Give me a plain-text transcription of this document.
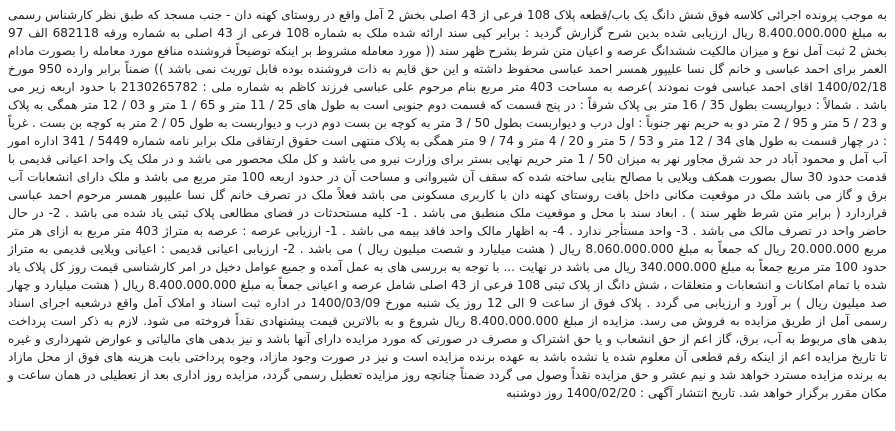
به موجب پرونده اجرائی کلاسه فوق شش دانگ یک باب/قطعه پلاک 108 فرعی از 43 اصلی بخش 2 آمل واقع در روستای کهنه دان - جنب مسجد که طبق نظر کارشناس رسمی به مبلغ 8.400.000.000 ریال ارزیابی شده بدین شرح گزارش گردید : برابر کپی سند ارائه شده ملک به شماره 108 فرعی از 43 اصلی به شماره ورقه 682118 الف 97 بخش 2 ثبت آمل نوع و میزان مالکیت ششدانگ عرصه و اعیان متن شرط بشرح ظهر سند (( مورد معامله مشروط بر اینکه توضیحاً فروشنده منافع مورد معامله را بصورت مادام العمر برای احمد عباسی و خانم گل نسا علیپور همسر احمد عباسی محفوظ داشته و این حق قایم به ذات فروشنده بوده قابل توریث نمی باشد )) ضمناً برابر وارده 950 مورخ 1400/02/18 اقای احمد عباسی فوت نمودند )عرصه به مساحت 403 متر مربع بنام مرحوم علی عباسی فرزند کاظم به شماره ملی : 2130265782 با حدود اربعه زیر می باشد . شمالاً : دیوارپست بطول 35 / 16 متر بی پلاک شرقاً : در پنج قسمت که قسمت دوم جنوبی است به طول های 25 / 11 متر و 65 / 1 متر و 03 / 12 متر همگی به پلاک و 23 / 5 متر و 95 / 2 متر دو به حریم نهر جنوباً : اول درب و دیواربست بطول 50 / 3 متر به کوچه بن بست دوم درب و دیواربست به طول 05 / 2 متر به کوچه بن بست . غرباً : در چهار قسمت به طول های 34 / 12 متر و 53 / 5 متر و 20 / 4 متر و 74 / 9 متر همگی به پلاک منتهی است حقوق ارتفاقی ملک برابر نامه شماره 5449 / 341 اداره امور آب آمل و محمود آباد در حد شرق مجاور نهر به میزان 50 / 1 متر حریم نهایی بستر برای وزارت نیرو می باشد و کل ملک محصور می باشد و در ملک یک واحد اعیانی قدیمی با قدمت حدود 30 سال بصورت همکف ویلایی با مصالح بنایی ساخته شده که سقف آن شیروانی و مساحت آن در حدود اربعه 100 متر مربع می باشد و ملک دارای انشعابات آب برق و گاز می باشد ملک در موقعیت مکانی داخل بافت روستای کهنه دان با کاربری مسکونی می باشد فعلاً ملک در تصرف خانم گل نسا علیپور همسر مرحوم احمد عباسی قراردارد ( برابر متن شرط ظهر سند ) . ابعاد سند با محل و موقعیت ملک منطبق می باشد . 1- کلیه مستحدثات در فضای مطالعی پلاک ثبتی یاد شده می باشد . 2- در حال حاضر واحد در تصرف مالک می باشد . 3- واحد مستأجر ندارد . 4- به اظهار مالک واحد فاقد بیمه می باشد . 1- ارزیابی عرصه : عرصه به متراژ 403 متر مربع به ازای هر متر مربع 20.000.000 ریال که جمعاً به مبلغ 8.060.000.000 ریال ( هشت میلیارد و شصت میلیون ریال ) می باشد . 2- ارزیابی اعیانی قدیمی : اعیانی ویلایی قدیمی به متراژ حدود 100 متر مربع جمعاً به مبلغ 340.000.000 ریال می باشد در نهایت ... با توجه به بررسی های به عمل آمده و جمیع عوامل دخیل در امر کارشناسی قیمت روز کل پلاک یاد شده با تمام امکانات و انشعابات و متعلقات ، شش دانگ از پلاک ثبتی 108 فرعی از 43 اصلی شامل عرصه و اعیانی جمعاً به مبلغ 8.400.000.000 ریال ( هشت میلیارد و چهار صد میلیون ریال ) بر آورد و ارزیابی می گردد . پلاک فوق از ساعت 9 الی 12 روز یک شنبه مورخ 1400/03/09 در اداره ثبت اسناد و املاک آمل واقع درشعبه اجرای اسناد رسمی آمل از طریق مزایده به فروش می رسد. مزایده از مبلغ 8.400.000.000 ریال شروع و به بالاترین قیمت پیشنهادی نقداً فروخته می شود. لازم به ذکر است پرداخت بدهی های مربوط به آب، برق، گاز اعم از حق انشعاب و یا حق اشتراک و مصرف در صورتی که مورد مزایده دارای آنها باشد و نیز بدهی های مالیاتی و عوارض شهرداری و غیره تا تاریخ مزایده اعم از اینکه رقم قطعی آن معلوم شده یا نشده باشد به عهده برنده مزایده است و نیز در صورت وجود مازاد، وجوه پرداختی بابت هزینه های فوق از محل مازاد به برنده مزایده مسترد خواهد شد و نیم عشر و حق مزایده نقداً وصول می گردد ضمناً چنانچه روز مزایده تعطیل رسمی گردد، مزایده روز اداری بعد از تعطیلی در همان ساعت و مکان مقرر برگزار خواهد شد. تاریخ انتشار آگهی : 1400/02/20 روز دوشنبه
